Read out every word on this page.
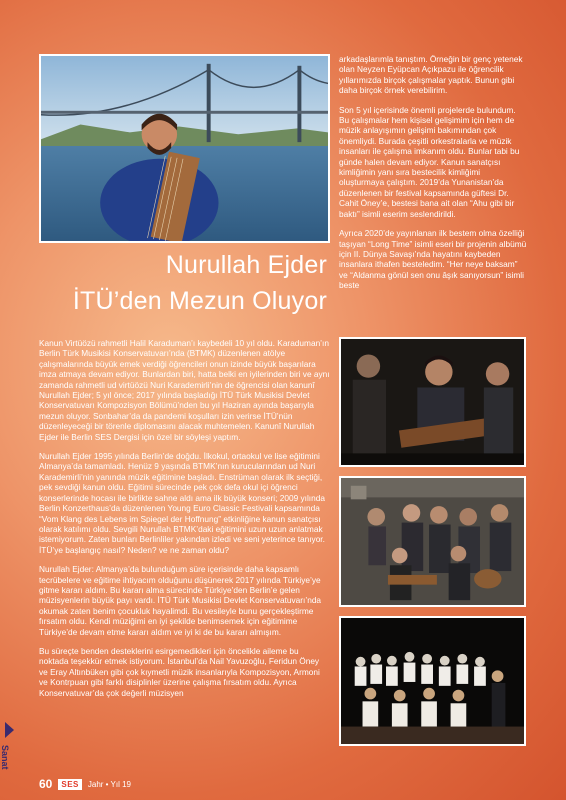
arkadaşlarımla tanıştım. Örneğin bir genç yetenek olan Neyzen Eyüpcan Açıkpazu ile öğrencilik yıllarımızda birçok çalışmalar yaptık. Bunun gibi daha birçok örnek verebilirim.

Son 5 yıl içerisinde önemli projelerde bulundum. Bu çalışmalar hem kişisel gelişimim için hem de müzik anlayışımın gelişimi bakımından çok önemliydi. Burada çeşitli orkestralarla ve müzik insanları ile çalışma imkanım oldu. Bunlar tabi bu günde halen devam ediyor. Kanun sanatçısı kimliğimin yanı sıra bestecilik kimliğimi oluşturmaya çalıştım. 2019’da Yunanistan’da düzenlenen bir festival kapsamında güftesi Dr. Cahit Öney’e, bestesi bana ait olan “Ahu gibi bir baktı” isimli eserim seslendirildi.

Ayrıca 2020’de yayınlanan ilk bestem olma özelliği taşıyan “Long Time” isimli eseri bir projenin albümü için II. Dünya Savaşı’nda hayatını kaybeden insanlara ithafen besteledim. “Her neye baksam” ve “Aldanma gönül sen onu âşık sanıyorsun” isimli beste

Nurullah Ejder
İTÜ’den Mezun Oluyor

Kanun Virtüözü rahmetli Halil Karaduman’ı kaybedeli 10 yıl oldu. Karaduman’ın Berlin Türk Musikisi Konservatuvarı’nda (BTMK) düzenlenen atölye çalışmalarında büyük emek verdiği öğrencileri onun izinde büyük başarılara imza atmaya devam ediyor. Bunlardan biri, hatta belki en iyilerinden biri ve aynı zamanda rahmetli ud virtüözü Nuri Karademirli’nin de öğrencisi olan kanunî Nurullah Ejder; 5 yıl önce; 2017 yılında başladığı İTÜ Türk Musikisi Devlet Konservatuvarı Kompozisyon Bölümü’nden bu yıl Haziran ayında başarıyla mezun oluyor. Sonbahar’da da pandemi koşulları izin verirse İTÜ’nün düzenleyeceği bir törenle diplomasını alacak muhtemelen. Kanunî Nurullah Ejder ile Berlin SES Dergisi için özel bir söyleşi yaptım.

Nurullah Ejder 1995 yılında Berlin’de doğdu. İlkokul, ortaokul ve lise eğitimini Almanya’da tamamladı. Henüz 9 yaşında BTMK’nın kurucularından ud Nuri Karademirli’nin yanında müzik eğitimine başladı. Enstrüman olarak ilk seçtiği, pek sevdiği kanun oldu. Eğitimi sürecinde pek çok defa okul içi öğrenci konserlerinde hocası ile birlikte sahne aldı ama ilk büyük konseri; 2009 yılında Berlin Konzerthaus’da düzenlenen Young Euro Classic Festivali kapsamında “Vom Klang des Lebens im Spiegel der Hoffnung” etkinliğine kanun sanatçısı olarak katılımı oldu. Sevgili Nurullah BTMK’daki eğitimini uzun uzun anlatmak istemiyorum. Zaten bunları Berlinliler yakından izledi ve seni yeterince tanıyor. İTÜ’ye başlangıç nasıl? Neden? ve ne zaman oldu?

Nurullah Ejder: Almanya’da bulunduğum süre içerisinde daha kapsamlı tecrübelere ve eğitime ihtiyacım olduğunu düşünerek 2017 yılında Türkiye’ye gitme kararı aldım. Bu kararı alma sürecinde Türkiye’den Berlin’e gelen müzisyenlerin büyük payı vardı. İTÜ Türk Musikisi Devlet Konservatuvarı’nda okumak zaten benim çocukluk hayalimdi. Bu vesileyle bunu gerçekleştirme fırsatım oldu. Kendi müziğimi en iyi şekilde benimsemek için eğitimime Türkiye’de devam etme kararı aldım ve iyi ki de bu kararı almışım.

Bu süreçte benden desteklerini esirgemedikleri için öncelikle aileme bu noktada teşekkür etmek istiyorum. İstanbul’da Nail Yavuzoğlu, Feridun Öney ve Eray Altınbüken gibi çok kıymetli müzik insanlarıyla Kompozisyon, Armoni ve Kontrpuan gibi farklı disiplinler üzerine çalışma fırsatım oldu. Ayrıca Konservatuvar’da çok değerli müzisyen

Sanat
60	SES	Jahr • Yıl 19
